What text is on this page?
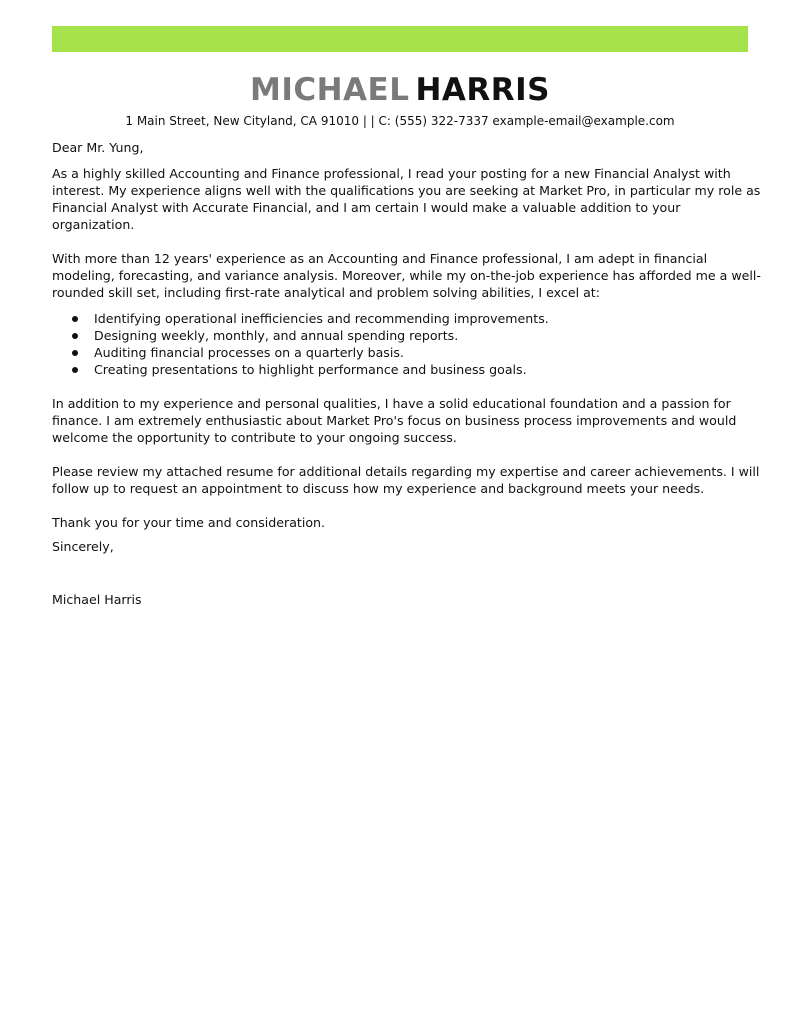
MICHAEL HARRIS
1 Main Street, New Cityland, CA 91010 | | C: (555) 322-7337 example-email@example.com

Dear Mr. Yung,

As a highly skilled Accounting and Finance professional, I read your posting for a new Financial Analyst with interest. My experience aligns well with the qualifications you are seeking at Market Pro, in particular my role as Financial Analyst with Accurate Financial, and I am certain I would make a valuable addition to your organization.

With more than 12 years' experience as an Accounting and Finance professional, I am adept in financial modeling, forecasting, and variance analysis. Moreover, while my on-the-job experience has afforded me a well-rounded skill set, including first-rate analytical and problem solving abilities, I excel at:

Identifying operational inefficiencies and recommending improvements.
Designing weekly, monthly, and annual spending reports.
Auditing financial processes on a quarterly basis.
Creating presentations to highlight performance and business goals.

In addition to my experience and personal qualities, I have a solid educational foundation and a passion for finance. I am extremely enthusiastic about Market Pro's focus on business process improvements and would welcome the opportunity to contribute to your ongoing success.

Please review my attached resume for additional details regarding my expertise and career achievements. I will follow up to request an appointment to discuss how my experience and background meets your needs.

Thank you for your time and consideration.

Sincerely,

Michael Harris
